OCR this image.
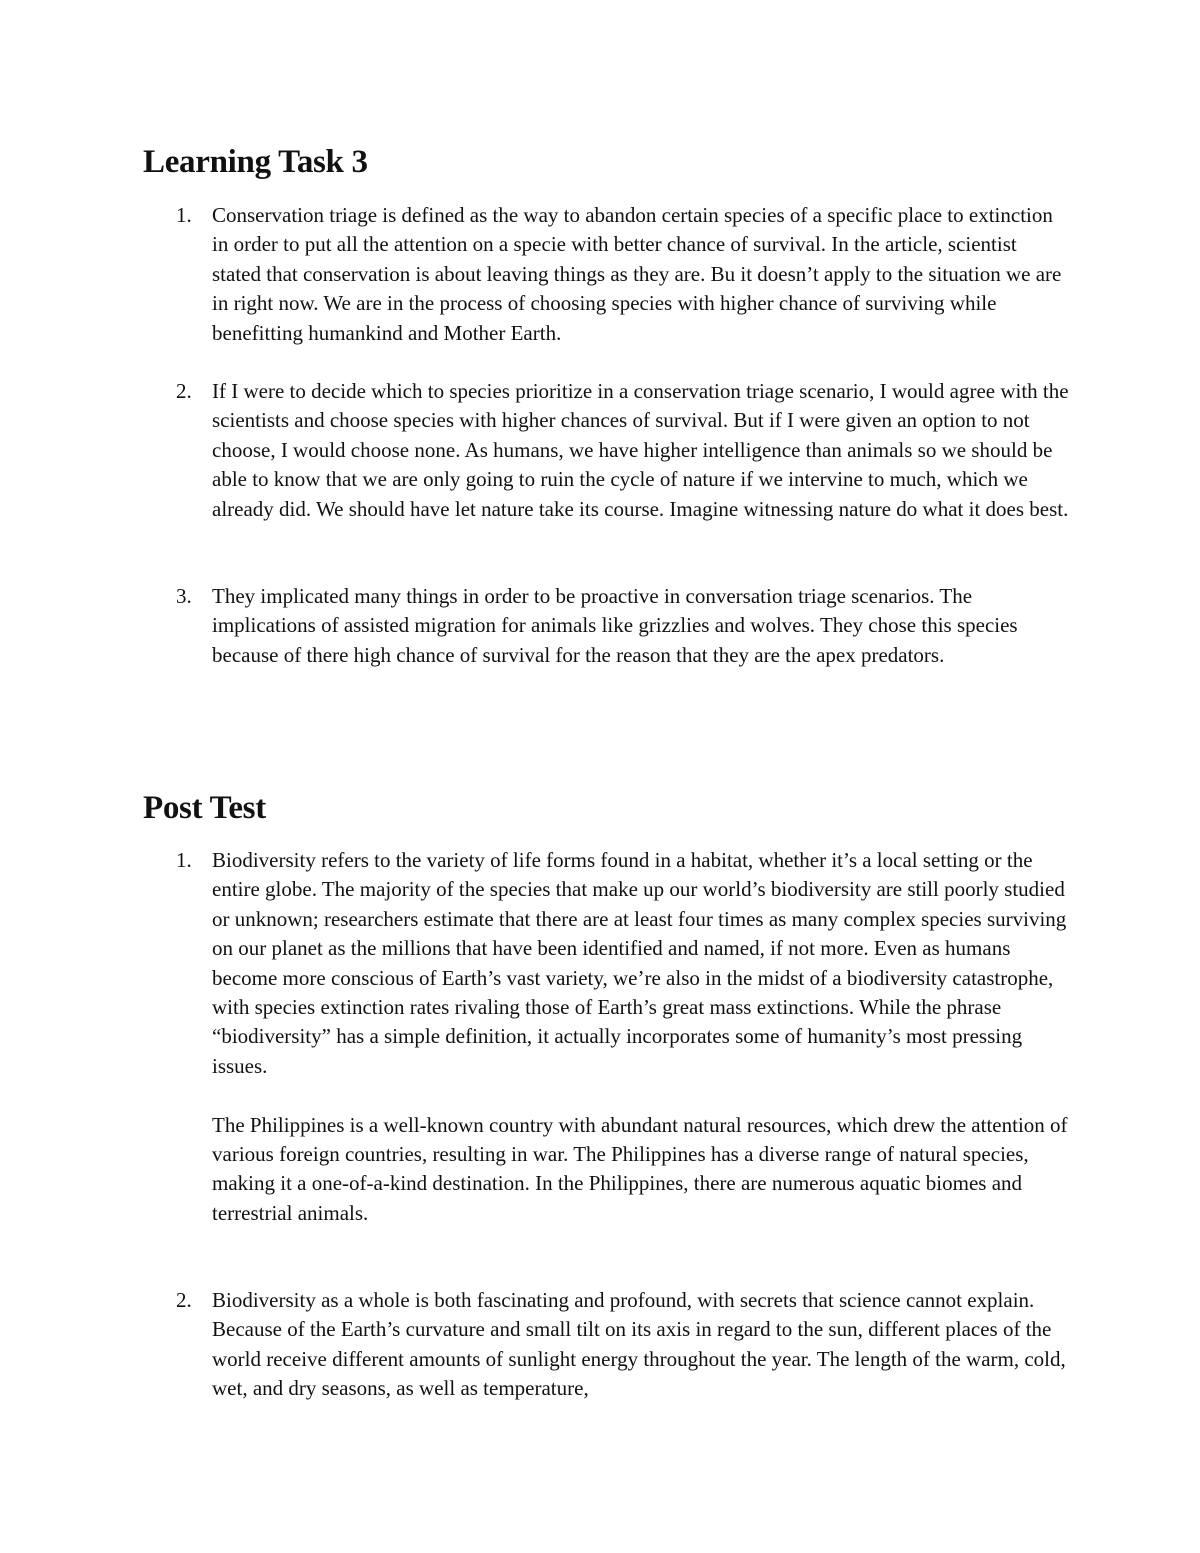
Learning Task 3
1. Conservation triage is defined as the way to abandon certain species of a specific place to extinction in order to put all the attention on a specie with better chance of survival. In the article, scientist stated that conservation is about leaving things as they are. Bu it doesn’t apply to the situation we are in right now. We are in the process of choosing species with higher chance of surviving while benefitting humankind and Mother Earth.

2. If I were to decide which to species prioritize in a conservation triage scenario, I would agree with the scientists and choose species with higher chances of survival. But if I were given an option to not choose, I would choose none. As humans, we have higher intelligence than animals so we should be able to know that we are only going to ruin the cycle of nature if we intervine to much, which we already did. We should have let nature take its course. Imagine witnessing nature do what it does best.

3. They implicated many things in order to be proactive in conversation triage scenarios. The implications of assisted migration for animals like grizzlies and wolves. They chose this species because of there high chance of survival for the reason that they are the apex predators.

Post Test
1. Biodiversity refers to the variety of life forms found in a habitat, whether it’s a local setting or the entire globe. The majority of the species that make up our world’s biodiversity are still poorly studied or unknown; researchers estimate that there are at least four times as many complex species surviving on our planet as the millions that have been identified and named, if not more. Even as humans become more conscious of Earth’s vast variety, we’re also in the midst of a biodiversity catastrophe, with species extinction rates rivaling those of Earth’s great mass extinctions. While the phrase “biodiversity” has a simple definition, it actually incorporates some of humanity’s most pressing issues.

The Philippines is a well-known country with abundant natural resources, which drew the attention of various foreign countries, resulting in war. The Philippines has a diverse range of natural species, making it a one-of-a-kind destination. In the Philippines, there are numerous aquatic biomes and terrestrial animals.

2. Biodiversity as a whole is both fascinating and profound, with secrets that science cannot explain. Because of the Earth’s curvature and small tilt on its axis in regard to the sun, different places of the world receive different amounts of sunlight energy throughout the year. The length of the warm, cold, wet, and dry seasons, as well as temperature,
